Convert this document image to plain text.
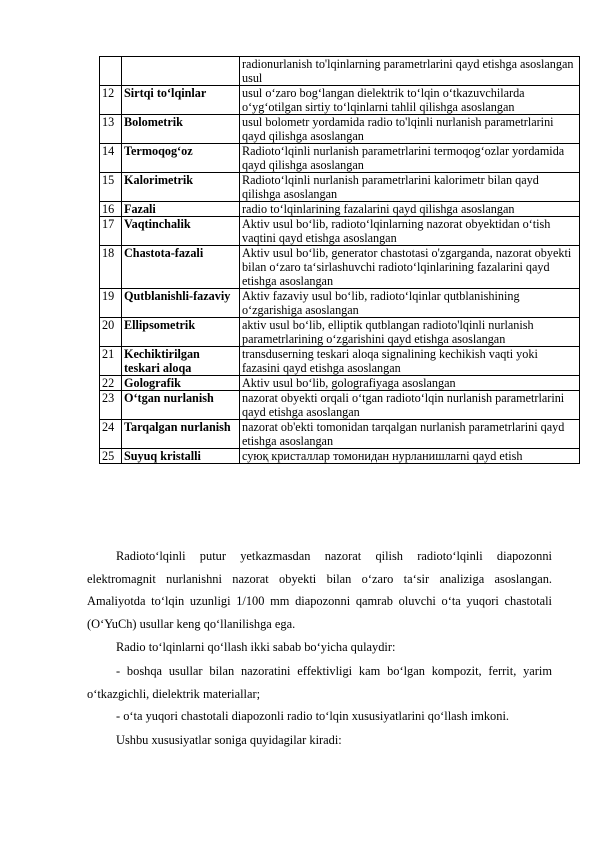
		radionurlanish to'lqinlarning parametrlarini qayd etishga asoslangan usul
12	Sirtqi to‘lqinlar	usul o‘zaro bog‘langan dielektrik to‘lqin o‘tkazuvchilarda o‘yg‘otilgan sirtiy to‘lqinlarni tahlil qilishga asoslangan
13	Bolometrik	usul bolometr yordamida radio to'lqinli nurlanish parametrlarini qayd qilishga asoslangan
14	Termoqog‘oz	Radioto‘lqinli nurlanish parametrlarini termoqog‘ozlar yordamida qayd qilishga asoslangan
15	Kalorimetrik	Radioto‘lqinli nurlanish parametrlarini kalorimetr bilan qayd qilishga asoslangan
16	Fazali	radio to‘lqinlarining fazalarini qayd qilishga asoslangan
17	Vaqtinchalik	Aktiv usul bo‘lib, radioto‘lqinlarning nazorat obyektidan o‘tish vaqtini qayd etishga asoslangan
18	Chastota-fazali	Aktiv usul bo‘lib, generator chastotasi o'zgarganda, nazorat obyekti bilan o‘zaro ta‘sirlashuvchi radioto‘lqinlarining fazalarini qayd etishga asoslangan
19	Qutblanishli-fazaviy	Aktiv fazaviy usul bo‘lib, radioto‘lqinlar qutblanishining o‘zgarishiga asoslangan
20	Ellipsometrik	aktiv usul bo‘lib, elliptik qutblangan radioto'lqinli nurlanish parametrlarining o‘zgarishini qayd etishga asoslangan
21	Kechiktirilgan teskari aloqa	transduserning teskari aloqa signalining kechikish vaqti yoki fazasini qayd etishga asoslangan
22	Golografik	Aktiv usul bo‘lib, golografiyaga asoslangan
23	O‘tgan nurlanish	nazorat obyekti orqali o‘tgan radioto‘lqin nurlanish parametrlarini qayd etishga asoslangan
24	Tarqalgan nurlanish	nazorat ob'ekti tomonidan tarqalgan nurlanish parametrlarini qayd etishga asoslangan
25	Suyuq kristalli	суюқ кристаллар томонидан нурланишлarni qayd etish
Radioto‘lqinli putur yetkazmasdan nazorat qilish radioto‘lqinli diapozonni elektromagnit nurlanishni nazorat obyekti bilan o‘zaro ta‘sir analiziga asoslangan. Amaliyotda to‘lqin uzunligi 1/100 mm diapozonni qamrab oluvchi o‘ta yuqori chastotali (O‘YuCh) usullar keng qo‘llanilishga ega.
Radio to‘lqinlarni qo‘llash ikki sabab bo‘yicha qulaydir:
- boshqa usullar bilan nazoratini effektivligi kam bo‘lgan kompozit, ferrit, yarim o‘tkazgichli, dielektrik materiallar;
- o‘ta yuqori chastotali diapozonli radio to‘lqin xususiyatlarini qo‘llash imkoni.
Ushbu xususiyatlar soniga quyidagilar kiradi:
